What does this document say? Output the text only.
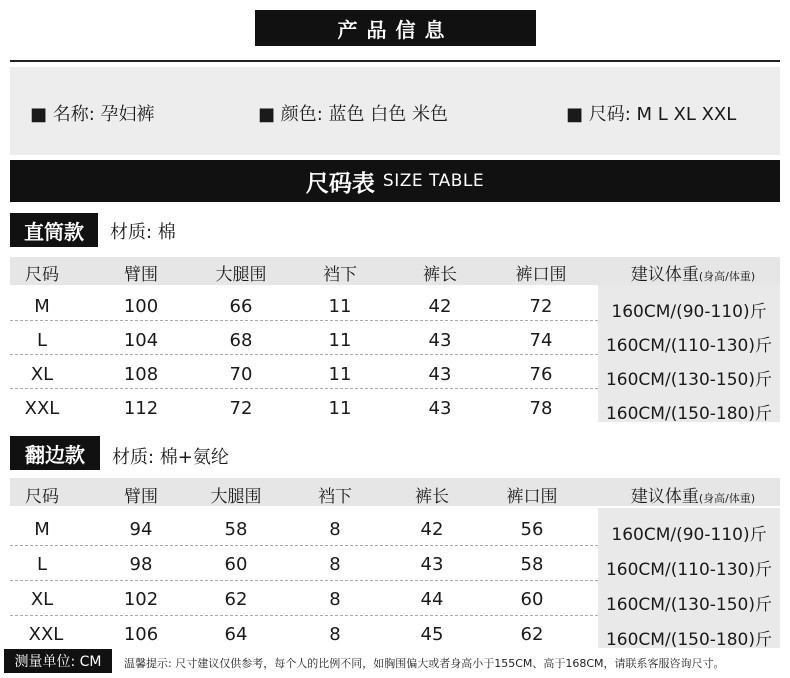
产品信息
■ 名称: 孕妇裤	■ 颜色: 蓝色 白色 米色	■ 尺码: M L XL XXL
尺码表 SIZE TABLE
直筒款	材质: 棉
尺码	臂围	大腿围	裆下	裤长	裤口围	建议体重(身高/体重)
M	100	66	11	42	72	160CM/(90-110)斤
L	104	68	11	43	74	160CM/(110-130)斤
XL	108	70	11	43	76	160CM/(130-150)斤
XXL	112	72	11	43	78	160CM/(150-180)斤
翻边款	材质: 棉+氨纶
尺码	臂围	大腿围	裆下	裤长	裤口围	建议体重(身高/体重)
M	94	58	8	42	56	160CM/(90-110)斤
L	98	60	8	43	58	160CM/(110-130)斤
XL	102	62	8	44	60	160CM/(130-150)斤
XXL	106	64	8	45	62	160CM/(150-180)斤
测量单位: CM	温馨提示: 尺寸建议仅供参考，每个人的比例不同，如胸围偏大或者身高小于155CM、高于168CM，请联系客服咨询尺寸。
